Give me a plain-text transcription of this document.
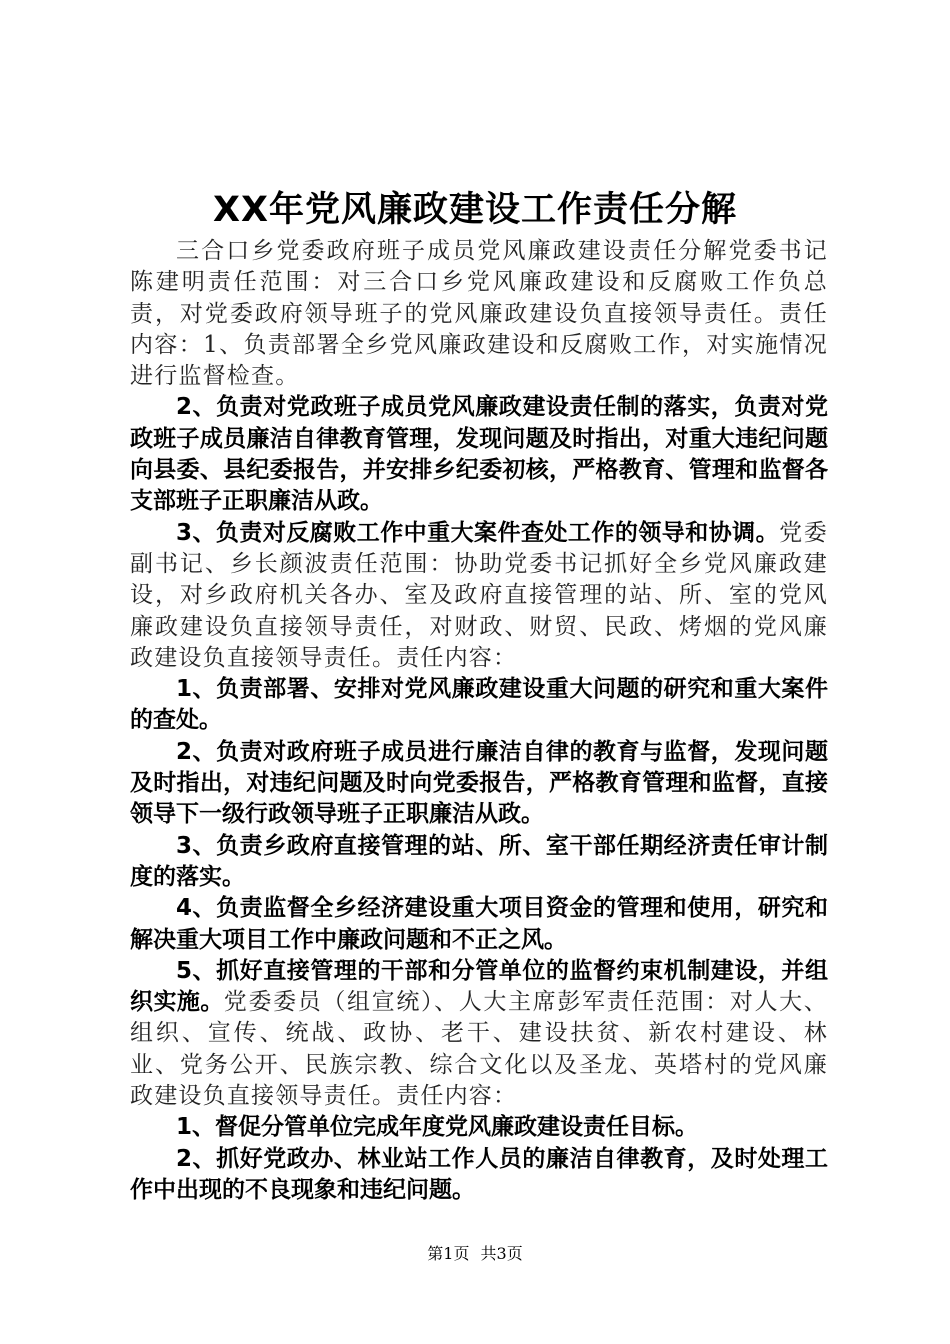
XX年党风廉政建设工作责任分解

三合口乡党委政府班子成员党风廉政建设责任分解党委书记陈建明责任范围：对三合口乡党风廉政建设和反腐败工作负总责，对党委政府领导班子的党风廉政建设负直接领导责任。责任内容：1、负责部署全乡党风廉政建设和反腐败工作，对实施情况进行监督检查。

2、负责对党政班子成员党风廉政建设责任制的落实，负责对党政班子成员廉洁自律教育管理，发现问题及时指出，对重大违纪问题向县委、县纪委报告，并安排乡纪委初核，严格教育、管理和监督各支部班子正职廉洁从政。

3、负责对反腐败工作中重大案件查处工作的领导和协调。党委副书记、乡长颜波责任范围：协助党委书记抓好全乡党风廉政建设，对乡政府机关各办、室及政府直接管理的站、所、室的党风廉政建设负直接领导责任，对财政、财贸、民政、烤烟的党风廉政建设负直接领导责任。责任内容：

1、负责部署、安排对党风廉政建设重大问题的研究和重大案件的查处。

2、负责对政府班子成员进行廉洁自律的教育与监督，发现问题及时指出，对违纪问题及时向党委报告，严格教育管理和监督，直接领导下一级行政领导班子正职廉洁从政。

3、负责乡政府直接管理的站、所、室干部任期经济责任审计制度的落实。

4、负责监督全乡经济建设重大项目资金的管理和使用，研究和解决重大项目工作中廉政问题和不正之风。

5、抓好直接管理的干部和分管单位的监督约束机制建设，并组织实施。党委委员（组宣统）、人大主席彭军责任范围：对人大、组织、宣传、统战、政协、老干、建设扶贫、新农村建设、林业、党务公开、民族宗教、综合文化以及圣龙、英塔村的党风廉政建设负直接领导责任。责任内容：

1、督促分管单位完成年度党风廉政建设责任目标。

2、抓好党政办、林业站工作人员的廉洁自律教育，及时处理工作中出现的不良现象和违纪问题。

第1页 共3页
